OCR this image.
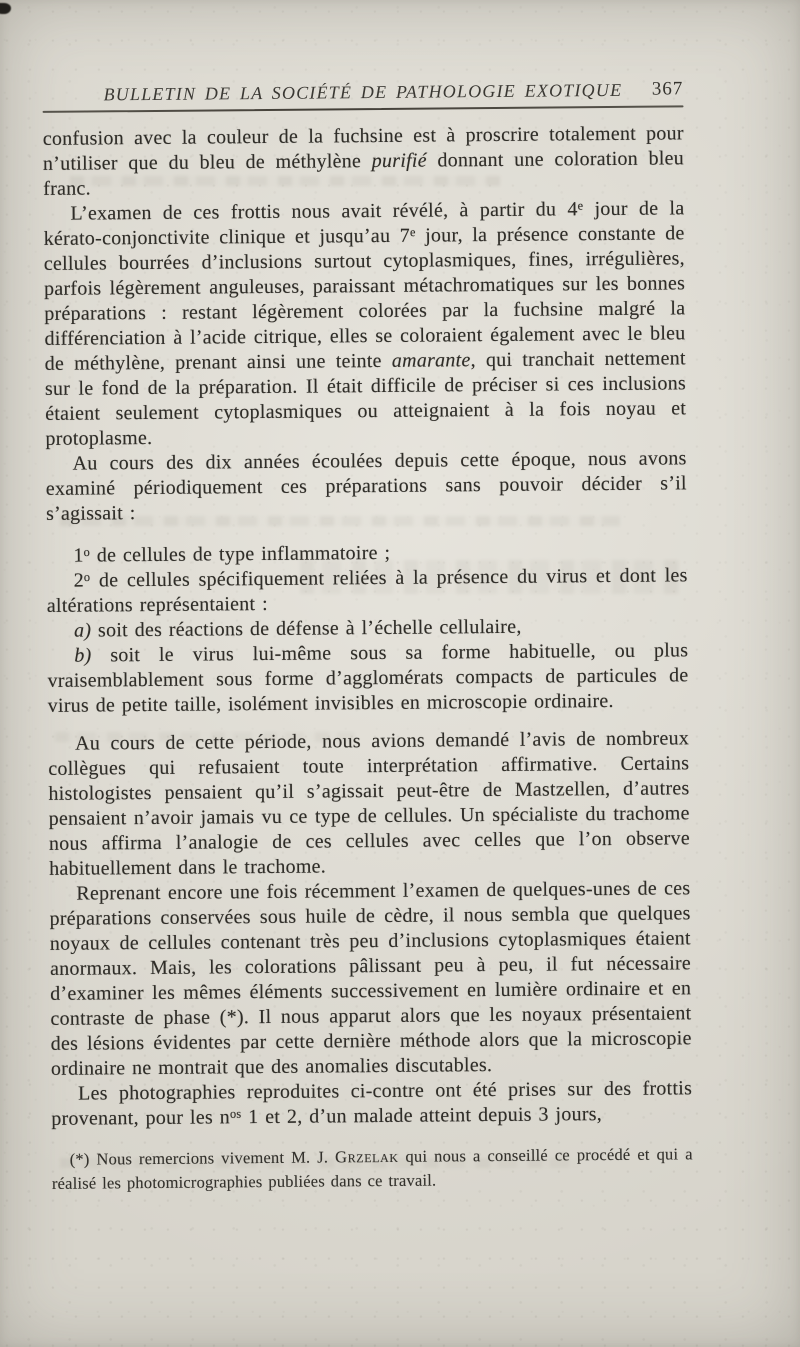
BULLETIN DE LA SOCIÉTÉ DE PATHOLOGIE EXOTIQUE 367

confusion avec la couleur de la fuchsine est à proscrire totalement pour n’utiliser que du bleu de méthylène purifié donnant une coloration bleu franc.

L’examen de ces frottis nous avait révélé, à partir du 4e jour de la kérato-conjonctivite clinique et jusqu’au 7e jour, la présence constante de cellules bourrées d’inclusions surtout cytoplasmiques, fines, irrégulières, parfois légèrement anguleuses, paraissant métachromatiques sur les bonnes préparations : restant légèrement colorées par la fuchsine malgré la différenciation à l’acide citrique, elles se coloraient également avec le bleu de méthylène, prenant ainsi une teinte amarante, qui tranchait nettement sur le fond de la préparation. Il était difficile de préciser si ces inclusions étaient seulement cytoplasmiques ou atteignaient à la fois noyau et protoplasme.

Au cours des dix années écoulées depuis cette époque, nous avons examiné périodiquement ces préparations sans pouvoir décider s’il s’agissait :

1$^o$ de cellules de type inflammatoire ;

2$^o$ de cellules spécifiquement reliées à la présence du virus et dont les altérations représentaient :

a) soit des réactions de défense à l’échelle cellulaire,

b) soit le virus lui-même sous sa forme habituelle, ou plus vraisemblablement sous forme d’agglomérats compacts de particules de virus de petite taille, isolément invisibles en microscopie ordinaire.

Au cours de cette période, nous avions demandé l’avis de nombreux collègues qui refusaient toute interprétation affirmative. Certains histologistes pensaient qu’il s’agissait peut-être de Mastzellen, d’autres pensaient n’avoir jamais vu ce type de cellules. Un spécialiste du trachome nous affirma l’analogie de ces cellules avec celles que l’on observe habituellement dans le trachome.

Reprenant encore une fois récemment l’examen de quelques-unes de ces préparations conservées sous huile de cèdre, il nous sembla que quelques noyaux de cellules contenant très peu d’inclusions cytoplasmiques étaient anormaux. Mais, les colorations pâlissant peu à peu, il fut nécessaire d’examiner les mêmes éléments successivement en lumière ordinaire et en contraste de phase (*). Il nous apparut alors que les noyaux présentaient des lésions évidentes par cette dernière méthode alors que la microscopie ordinaire ne montrait que des anomalies discutables.

Les photographies reproduites ci-contre ont été prises sur des frottis provenant, pour les $n^{os}$ 1 et 2, d’un malade atteint depuis 3 jours,

(*) Nous remercions vivement M. J. Grzelak qui nous a conseillé ce procédé et qui a réalisé les photomicrographies publiées dans ce travail.
